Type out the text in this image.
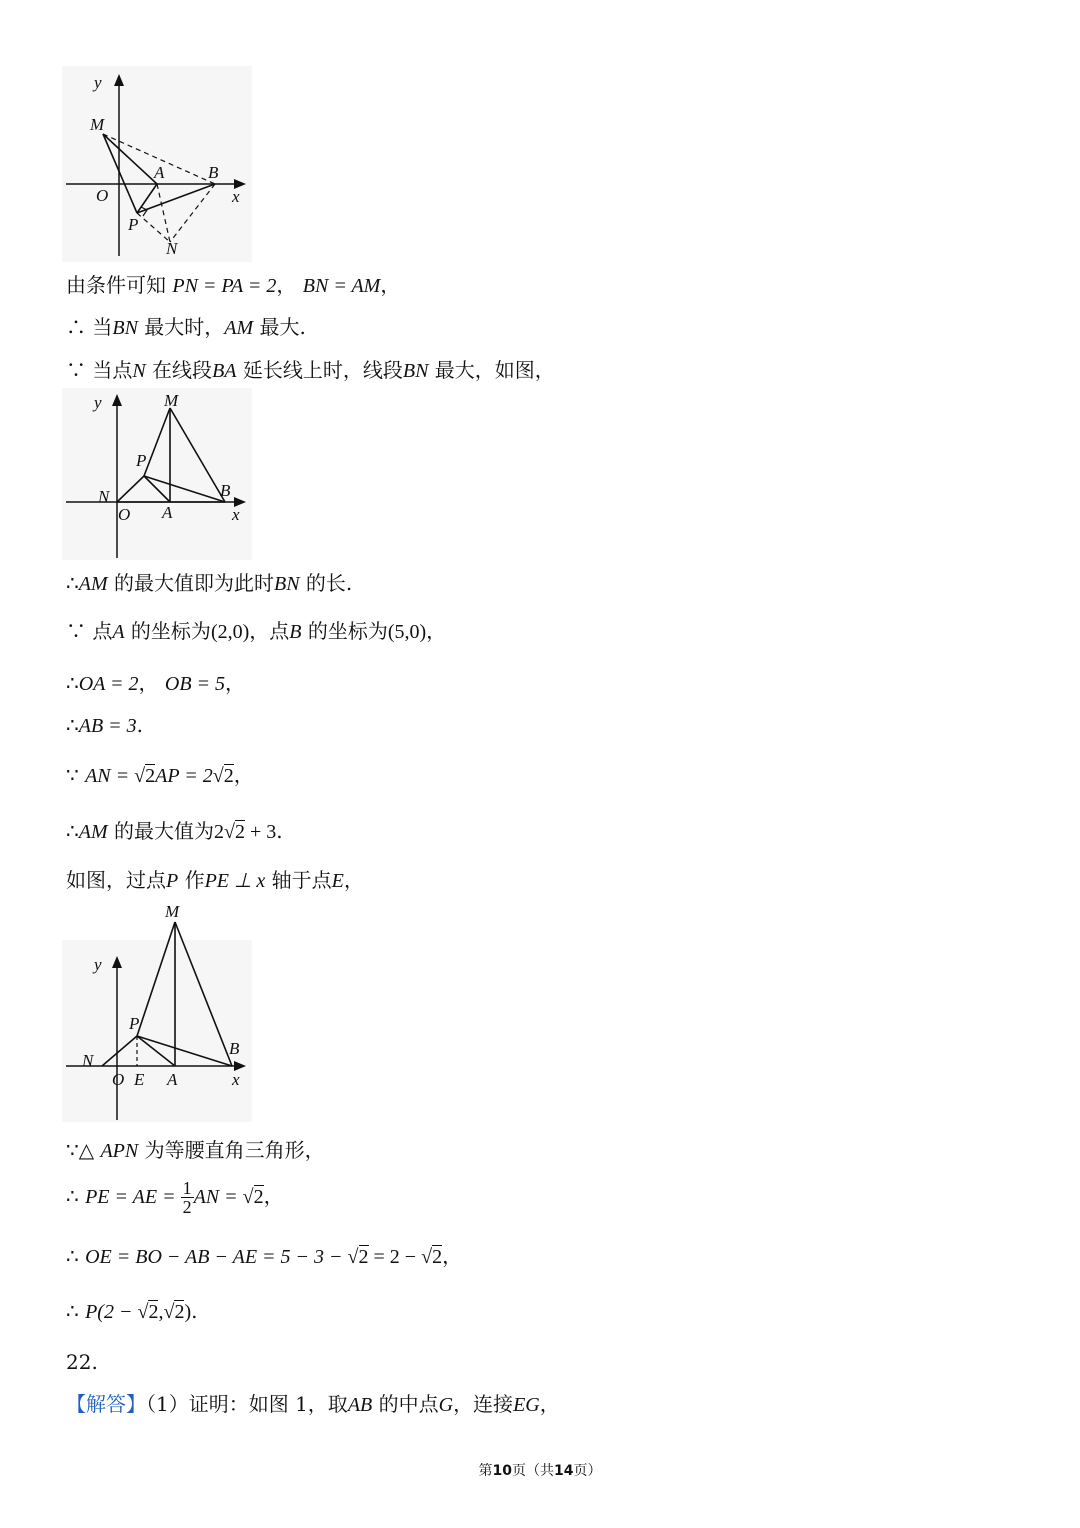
y
M
A	B
O	x
P
N
由条件可知 PN = PA = 2， BN = AM，
∴ 当BN 最大时，AM 最大.
∵ 当点N 在线段BA 延长线上时，线段BN 最大，如图，
y	M
P
N	B
O A	x
∴AM 的最大值即为此时BN 的长.
∵ 点A 的坐标为(2,0)，点B 的坐标为(5,0)，
∴OA = 2， OB = 5，
∴AB = 3.
∵ AN = √2AP = 2√2，
∴AM 的最大值为2√2 + 3.
如图，过点P 作PE ⊥ x 轴于点E，
M
y
P
N
B
O E A	x
∵△ APN 为等腰直角三角形，
∴ PE = AE = $\frac{1}{2}$ AN = √2，
∴ OE = BO − AB − AE = 5 − 3 − √2 = 2 − √2，
∴ P(2 − √2,√2).
22.
【解答】（1）证明：如图 1，取AB 的中点G，连接EG，
第10页（共14页）
